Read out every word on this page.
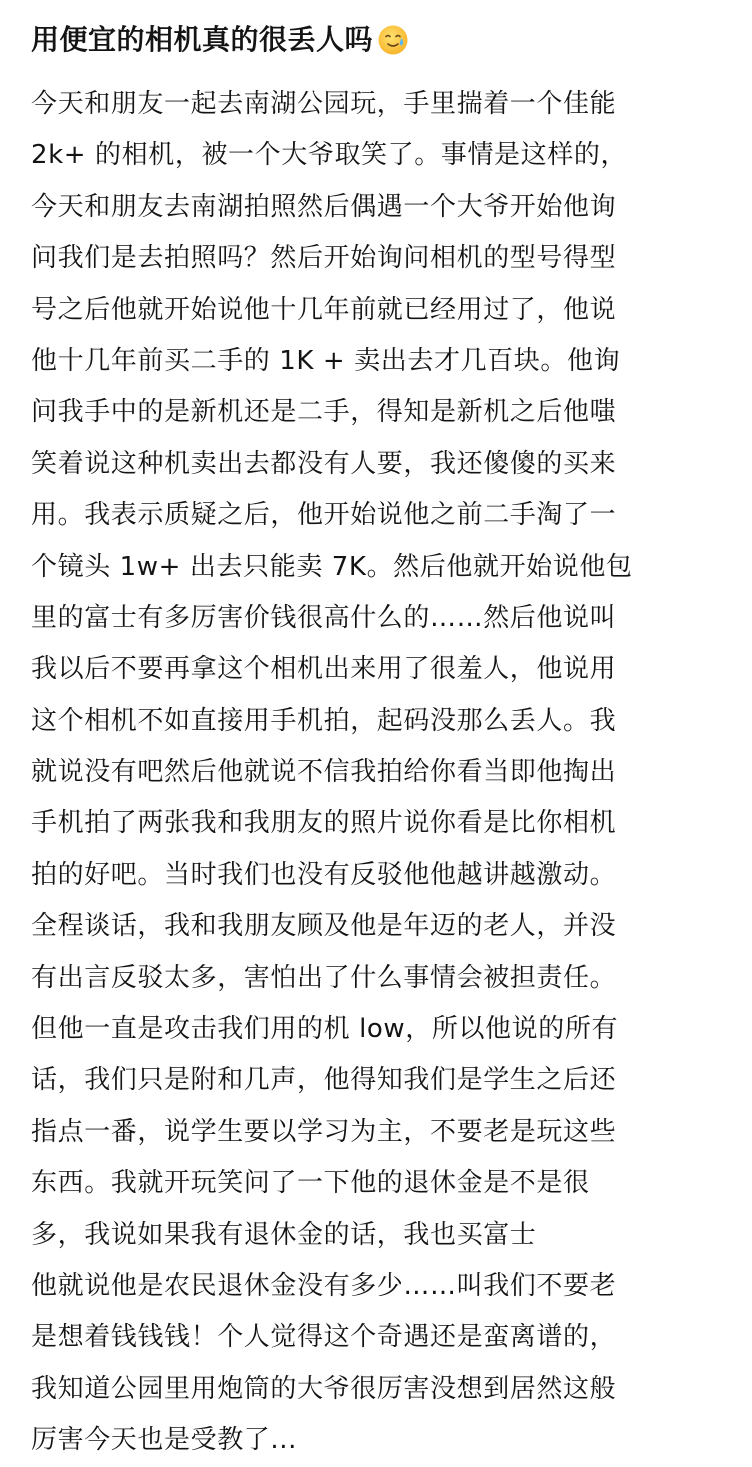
用便宜的相机真的很丢人吗
今天和朋友一起去南湖公园玩，手里揣着一个佳能
2k+ 的相机，被一个大爷取笑了。事情是这样的，
今天和朋友去南湖拍照然后偶遇一个大爷开始他询
问我们是去拍照吗？然后开始询问相机的型号得型
号之后他就开始说他十几年前就已经用过了，他说
他十几年前买二手的 1K + 卖出去才几百块。他询
问我手中的是新机还是二手，得知是新机之后他嗤
笑着说这种机卖出去都没有人要，我还傻傻的买来
用。我表示质疑之后，他开始说他之前二手淘了一
个镜头 1w+ 出去只能卖 7K。然后他就开始说他包
里的富士有多厉害价钱很高什么的……然后他说叫
我以后不要再拿这个相机出来用了很羞人，他说用
这个相机不如直接用手机拍，起码没那么丢人。我
就说没有吧然后他就说不信我拍给你看当即他掏出
手机拍了两张我和我朋友的照片说你看是比你相机
拍的好吧。当时我们也没有反驳他他越讲越激动。
全程谈话，我和我朋友顾及他是年迈的老人，并没
有出言反驳太多，害怕出了什么事情会被担责任。
但他一直是攻击我们用的机 low，所以他说的所有
话，我们只是附和几声，他得知我们是学生之后还
指点一番，说学生要以学习为主，不要老是玩这些
东西。我就开玩笑问了一下他的退休金是不是很
多，我说如果我有退休金的话，我也买富士
他就说他是农民退休金没有多少……叫我们不要老
是想着钱钱钱！个人觉得这个奇遇还是蛮离谱的，
我知道公园里用炮筒的大爷很厉害没想到居然这般
厉害今天也是受教了...
